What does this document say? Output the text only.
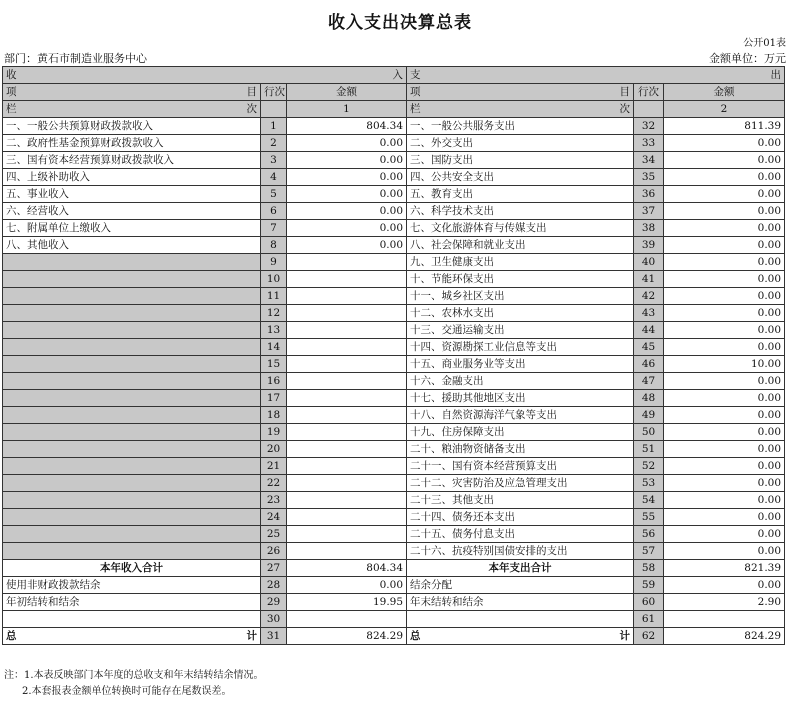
收入支出决算总表
公开01表
部门：黄石市制造业服务中心	金额单位：万元
收 入			支 出		

项 目	行次	金额	项 目	行次	金额

栏 次		1	栏 次		2
一、一般公共预算财政拨款收入	1	804.34	一、一般公共服务支出	32	811.39
二、政府性基金预算财政拨款收入	2	0.00	二、外交支出	33	0.00
三、国有资本经营预算财政拨款收入	3	0.00	三、国防支出	34	0.00
四、上级补助收入	4	0.00	四、公共安全支出	35	0.00
五、事业收入	5	0.00	五、教育支出	36	0.00
六、经营收入	6	0.00	六、科学技术支出	37	0.00
七、附属单位上缴收入	7	0.00	七、文化旅游体育与传媒支出	38	0.00
八、其他收入	8	0.00	八、社会保障和就业支出	39	0.00
	9		九、卫生健康支出	40	0.00
	10		十、节能环保支出	41	0.00
	11		十一、城乡社区支出	42	0.00
	12		十二、农林水支出	43	0.00
	13		十三、交通运输支出	44	0.00
	14		十四、资源勘探工业信息等支出	45	0.00
	15		十五、商业服务业等支出	46	10.00
	16		十六、金融支出	47	0.00
	17		十七、援助其他地区支出	48	0.00
	18		十八、自然资源海洋气象等支出	49	0.00
	19		十九、住房保障支出	50	0.00
	20		二十、粮油物资储备支出	51	0.00
	21		二十一、国有资本经营预算支出	52	0.00
	22		二十二、灾害防治及应急管理支出	53	0.00
	23		二十三、其他支出	54	0.00
	24		二十四、债务还本支出	55	0.00
	25		二十五、债务付息支出	56	0.00
	26		二十六、抗疫特别国债安排的支出	57	0.00
本年收入合计	27	804.34	本年支出合计	58	821.39
使用非财政拨款结余	28	0.00	结余分配	59	0.00
年初结转和结余	29	19.95	年末结转和结余	60	2.90
	30			61	

总 计	31	824.29	总 计	62	824.29
注：1.本表反映部门本年度的总收支和年末结转结余情况。
2.本套报表金额单位转换时可能存在尾数误差。
